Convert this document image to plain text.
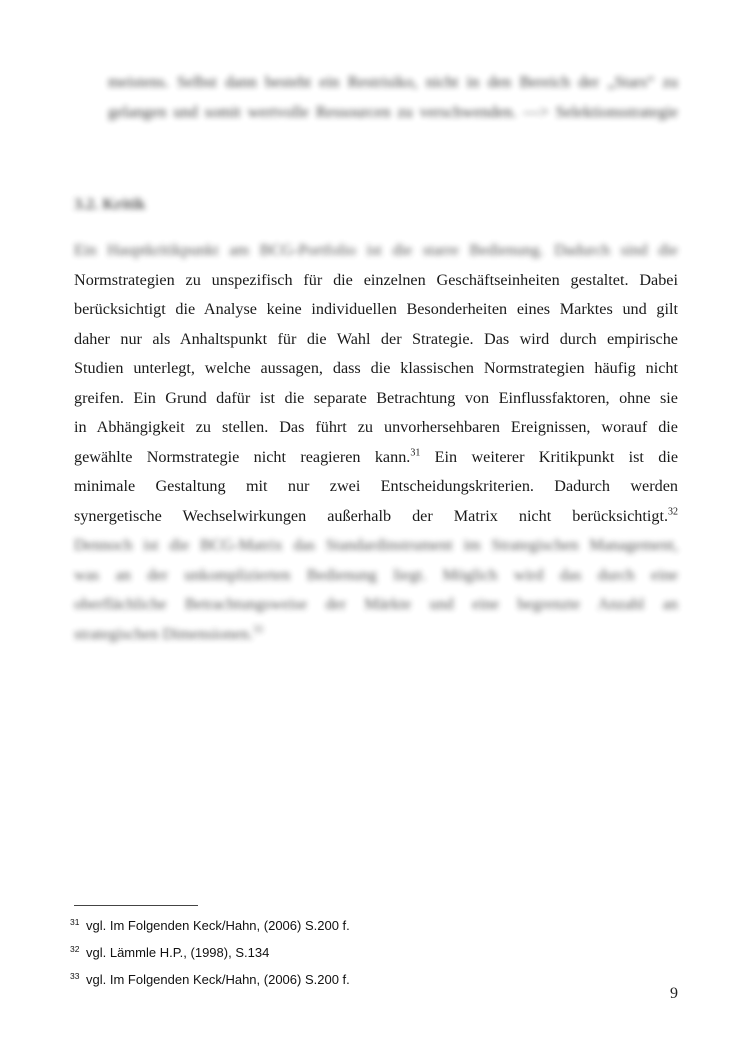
meistens. Selbst dann besteht ein Restrisiko, nicht in den Bereich der „Stars“ zu
gelangen und somit wertvolle Ressourcen zu verschwenden. —> Selektionsstrategie

3.2. Kritik
Ein Hauptkritikpunkt am BCG-Portfolio ist die starre Bedienung. Dadurch sind die
Normstrategien zu unspezifisch für die einzelnen Geschäftseinheiten gestaltet. Dabei
berücksichtigt die Analyse keine individuellen Besonderheiten eines Marktes und gilt
daher nur als Anhaltspunkt für die Wahl der Strategie. Das wird durch empirische
Studien unterlegt, welche aussagen, dass die klassischen Normstrategien häufig nicht
greifen. Ein Grund dafür ist die separate Betrachtung von Einflussfaktoren, ohne sie
in Abhängigkeit zu stellen. Das führt zu unvorhersehbaren Ereignissen, worauf die
gewählte Normstrategie nicht reagieren kann.$^{31}$ Ein weiterer Kritikpunkt ist die
minimale Gestaltung mit nur zwei Entscheidungskriterien. Dadurch werden
synergetische Wechselwirkungen außerhalb der Matrix nicht berücksichtigt.$^{32}$
Dennoch ist die BCG-Matrix das Standardinstrument im Strategischen Management,
was an der unkomplizierten Bedienung liegt. Möglich wird das durch eine
oberflächliche Betrachtungsweise der Märkte und eine begrenzte Anzahl an
strategischen Dimensionen.$^{33}$
31 vgl. Im Folgenden Keck/Hahn, (2006) S.200 f.
32 vgl. Lämmle H.P., (1998), S.134
33 vgl. Im Folgenden Keck/Hahn, (2006) S.200 f.
9
